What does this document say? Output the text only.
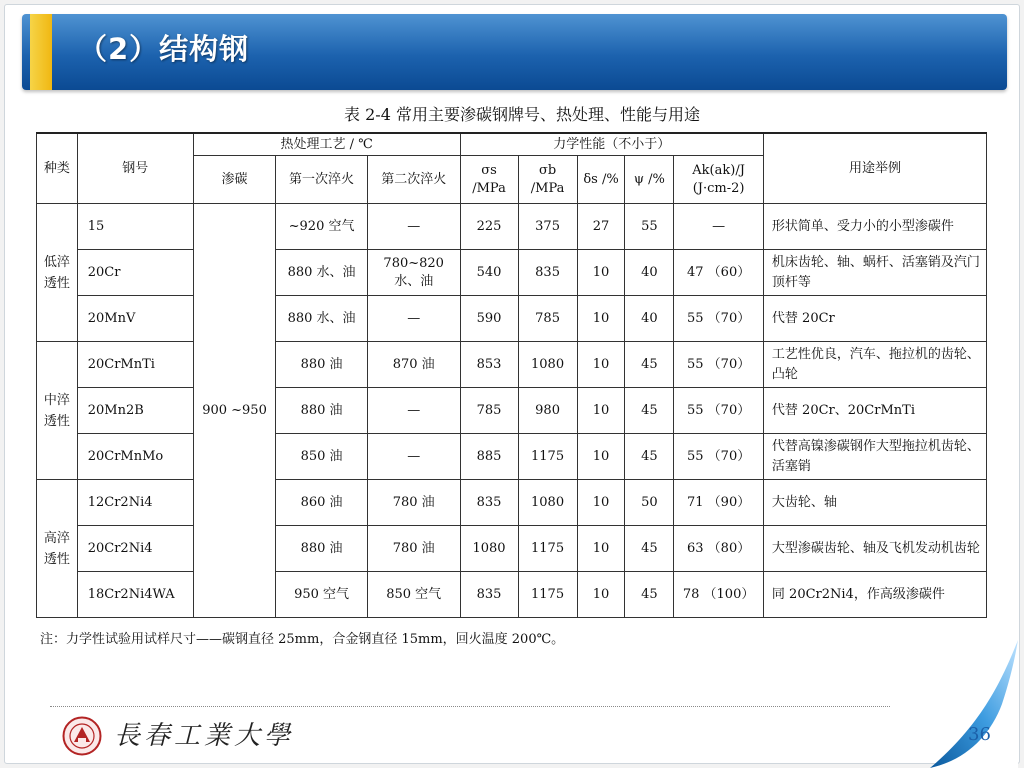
（2）结构钢
表 2-4 常用主要渗碳钢牌号、热处理、性能与用途
种类	钢号	热处理工艺 / ℃			力学性能（不小于）					用途举例
		渗碳	第一次淬火	第二次淬火	σs /MPa	σb /MPa	δs /%	ψ /%	Ak(ak)/J (J·cm-2)	
低淬透性	15	900 ~950	~920 空气	—	225	375	27	55	—	形状简单、受力小的小型渗碳件
	20Cr		880 水、油	780~820 水、油	540	835	10	40	47 （60）	机床齿轮、轴、蜗杆、活塞销及汽门顶杆等
	20MnV		880 水、油	—	590	785	10	40	55 （70）	代替 20Cr
中淬透性	20CrMnTi		880 油	870 油	853	1080	10	45	55 （70）	工艺性优良，汽车、拖拉机的齿轮、凸轮
	20Mn2B		880 油	—	785	980	10	45	55 （70）	代替 20Cr、20CrMnTi
	20CrMnMo		850 油	—	885	1175	10	45	55 （70）	代替高镍渗碳钢作大型拖拉机齿轮、活塞销
高淬透性	12Cr2Ni4		860 油	780 油	835	1080	10	50	71 （90）	大齿轮、轴
	20Cr2Ni4		880 油	780 油	1080	1175	10	45	63 （80）	大型渗碳齿轮、轴及飞机发动机齿轮
	18Cr2Ni4WA		950 空气	850 空气	835	1175	10	45	78 （100）	同 20Cr2Ni4，作高级渗碳件
注：力学性试验用试样尺寸——碳钢直径 25mm，合金钢直径 15mm，回火温度 200℃。
長春工業大學	36
